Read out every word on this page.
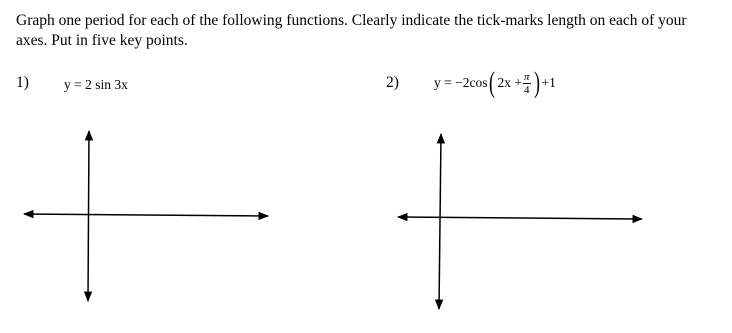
Graph one period for each of the following functions. Clearly indicate the tick-marks length on each of your
axes. Put in five key points.
1)	y = 2 sin 3x	2)	y = −2cos ( $2x + \frac{\pi}{4}$ ) +1
